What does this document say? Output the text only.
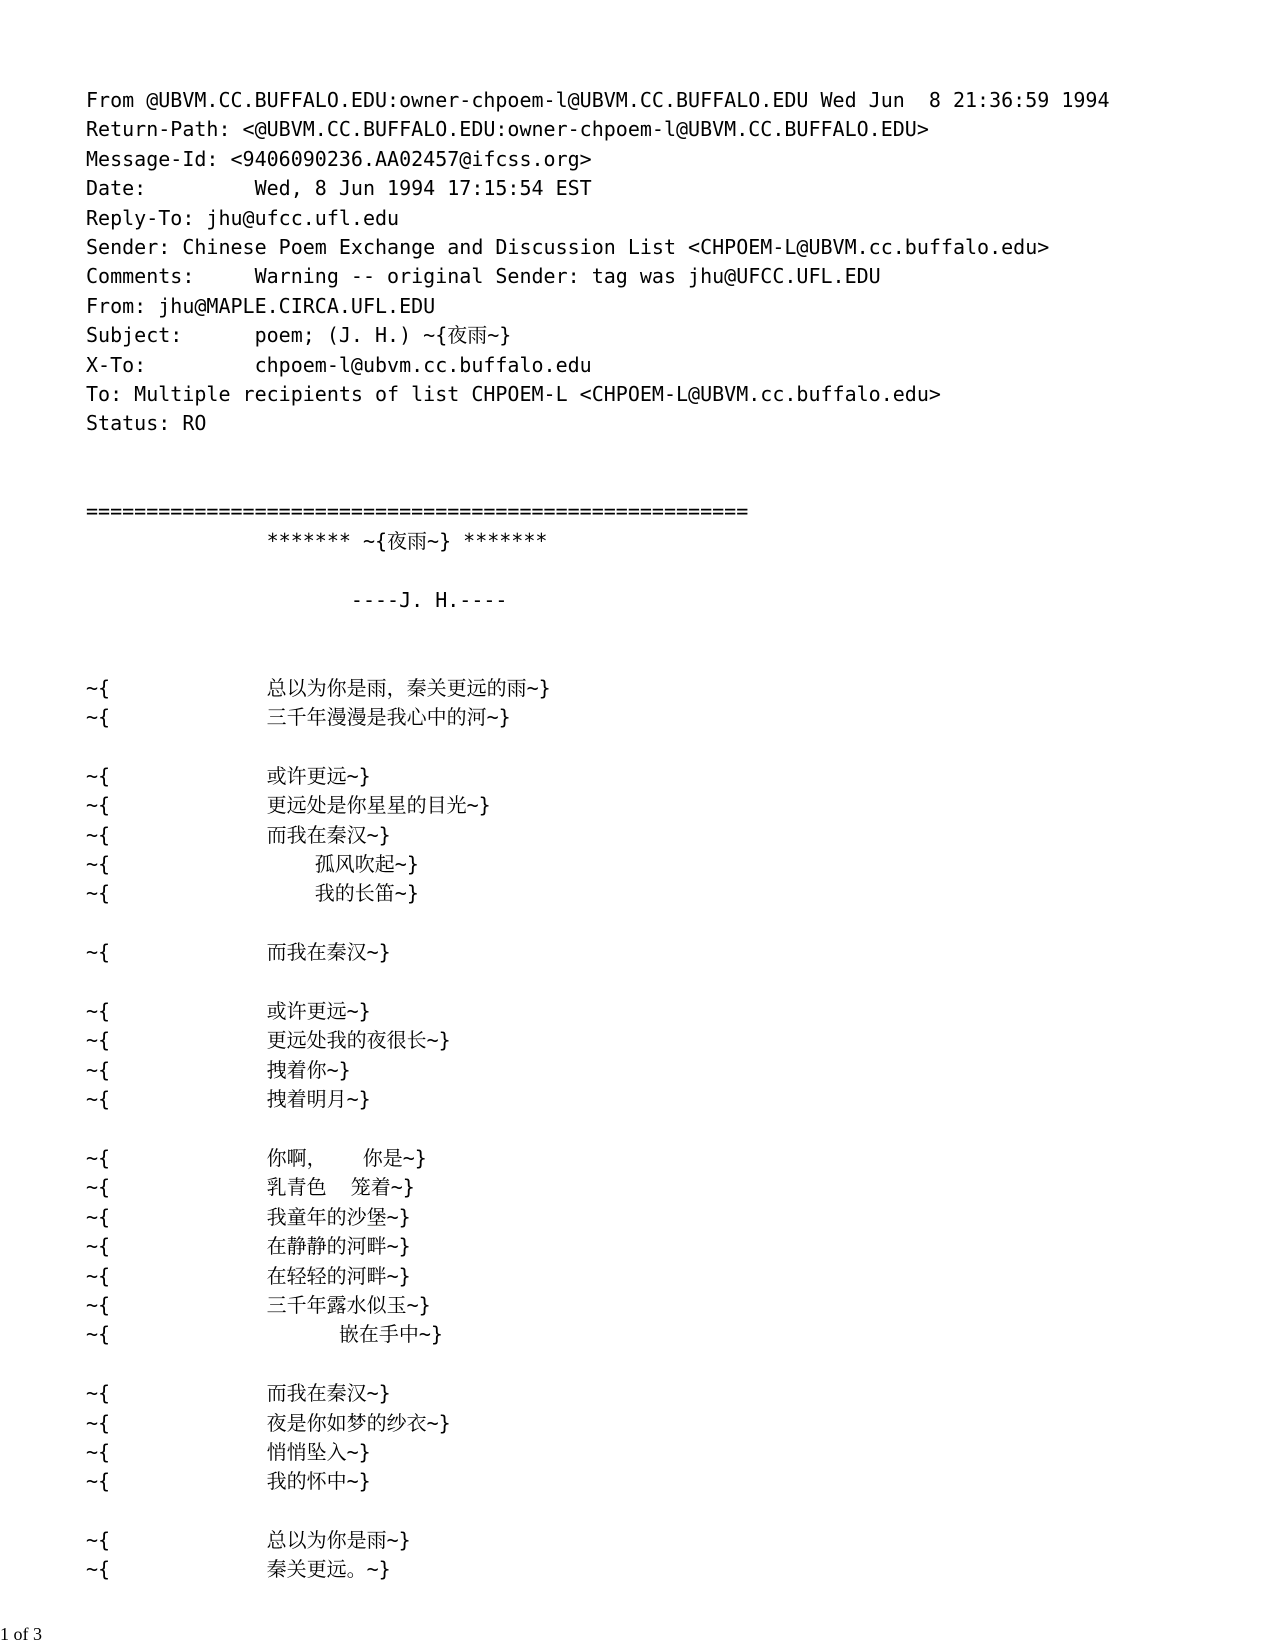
From @UBVM.CC.BUFFALO.EDU:owner-chpoem-l@UBVM.CC.BUFFALO.EDU Wed Jun  8 21:36:59 1994
Return-Path: <@UBVM.CC.BUFFALO.EDU:owner-chpoem-l@UBVM.CC.BUFFALO.EDU>
Message-Id: <9406090236.AA02457@ifcss.org>
Date:         Wed, 8 Jun 1994 17:15:54 EST
Reply-To: jhu@ufcc.ufl.edu
Sender: Chinese Poem Exchange and Discussion List <CHPOEM-L@UBVM.cc.buffalo.edu>
Comments:     Warning -- original Sender: tag was jhu@UFCC.UFL.EDU
From: jhu@MAPLE.CIRCA.UFL.EDU
Subject:      poem; (J. H.) ~{夜雨~}
X-To:         chpoem-l@ubvm.cc.buffalo.edu
To: Multiple recipients of list CHPOEM-L <CHPOEM-L@UBVM.cc.buffalo.edu>
Status: RO
=======================================================
******* ~{夜雨~} *******
----J. H.----
~{             总以为你是雨，秦关更远的雨~}
~{             三千年漫漫是我心中的河~}
~{             或许更远~}
~{             更远处是你星星的目光~}
~{             而我在秦汉~}
~{                 孤风吹起~}
~{                 我的长笛~}
~{             而我在秦汉~}
~{             或许更远~}
~{             更远处我的夜很长~}
~{             拽着你~}
~{             拽着明月~}
~{             你啊，   你是~}
~{             乳青色  笼着~}
~{             我童年的沙堡~}
~{             在静静的河畔~}
~{             在轻轻的河畔~}
~{             三千年露水似玉~}
~{                   嵌在手中~}
~{             而我在秦汉~}
~{             夜是你如梦的纱衣~}
~{             悄悄坠入~}
~{             我的怀中~}
~{             总以为你是雨~}
~{             秦关更远。~}
1 of 3
